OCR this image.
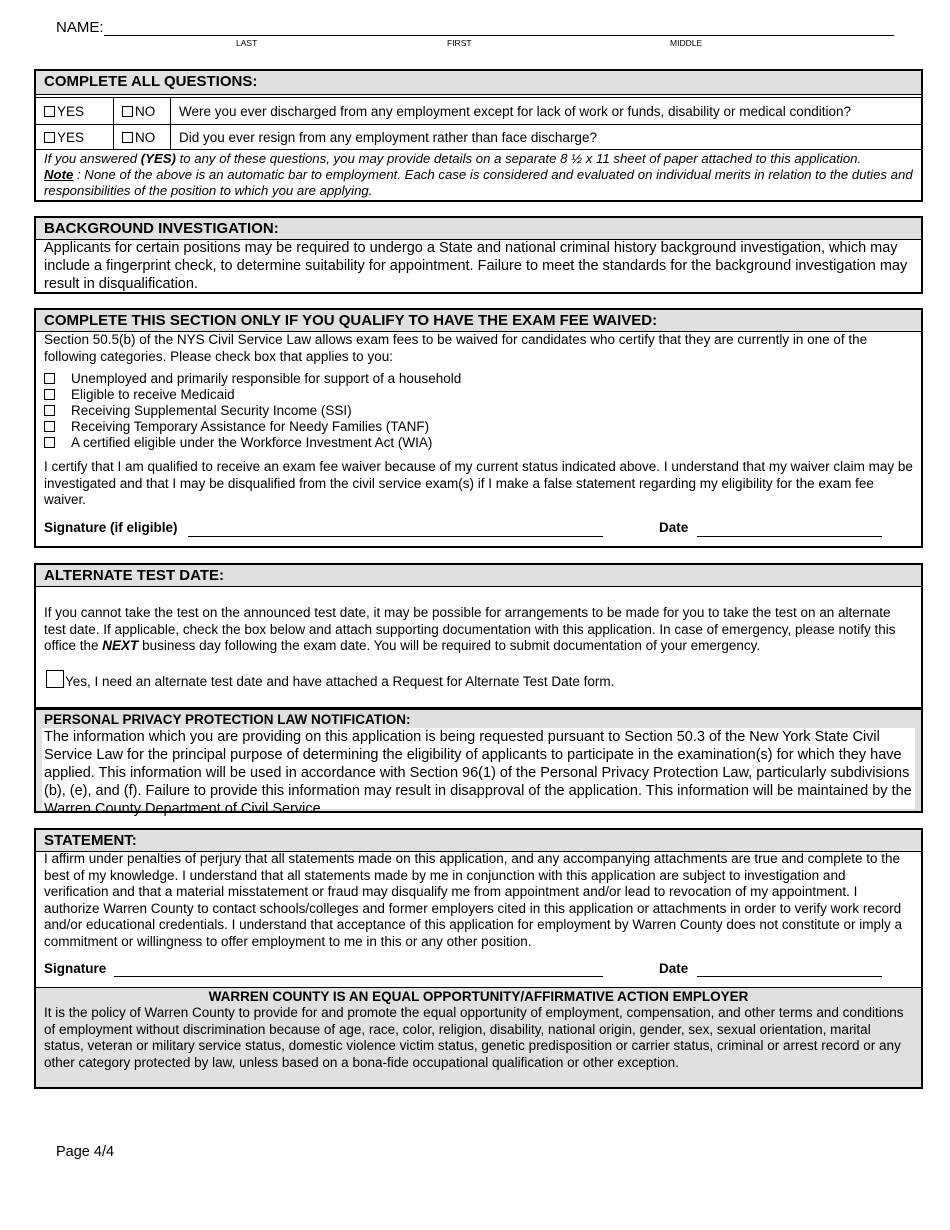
NAME:
LAST	FIRST	MIDDLE
COMPLETE ALL QUESTIONS:
YES	NO	Were you ever discharged from any employment except for lack of work or funds, disability or medical condition?
YES	NO	Did you ever resign from any employment rather than face discharge?
If you answered (YES) to any of these questions, you may provide details on a separate 8 ½ x 11 sheet of paper attached to this application.
Note : None of the above is an automatic bar to employment. Each case is considered and evaluated on individual merits in relation to the duties and responsibilities of the position to which you are applying.
BACKGROUND INVESTIGATION:
Applicants for certain positions may be required to undergo a State and national criminal history background investigation, which may include a fingerprint check, to determine suitability for appointment. Failure to meet the standards for the background investigation may result in disqualification.
COMPLETE THIS SECTION ONLY IF YOU QUALIFY TO HAVE THE EXAM FEE WAIVED:
Section 50.5(b) of the NYS Civil Service Law allows exam fees to be waived for candidates who certify that they are currently in one of the following categories. Please check box that applies to you:
Unemployed and primarily responsible for support of a household
Eligible to receive Medicaid
Receiving Supplemental Security Income (SSI)
Receiving Temporary Assistance for Needy Families (TANF)
A certified eligible under the Workforce Investment Act (WIA)
I certify that I am qualified to receive an exam fee waiver because of my current status indicated above. I understand that my waiver claim may be investigated and that I may be disqualified from the civil service exam(s) if I make a false statement regarding my eligibility for the exam fee waiver.
Signature (if eligible)	Date
ALTERNATE TEST DATE:
If you cannot take the test on the announced test date, it may be possible for arrangements to be made for you to take the test on an alternate test date. If applicable, check the box below and attach supporting documentation with this application. In case of emergency, please notify this office the NEXT business day following the exam date. You will be required to submit documentation of your emergency.
Yes, I need an alternate test date and have attached a Request for Alternate Test Date form.
PERSONAL PRIVACY PROTECTION LAW NOTIFICATION:
The information which you are providing on this application is being requested pursuant to Section 50.3 of the New York State Civil Service Law for the principal purpose of determining the eligibility of applicants to participate in the examination(s) for which they have applied. This information will be used in accordance with Section 96(1) of the Personal Privacy Protection Law, particularly subdivisions (b), (e), and (f). Failure to provide this information may result in disapproval of the application. This information will be maintained by the Warren County Department of Civil Service.
STATEMENT:
I affirm under penalties of perjury that all statements made on this application, and any accompanying attachments are true and complete to the best of my knowledge. I understand that all statements made by me in conjunction with this application are subject to investigation and verification and that a material misstatement or fraud may disqualify me from appointment and/or lead to revocation of my appointment. I authorize Warren County to contact schools/colleges and former employers cited in this application or attachments in order to verify work record and/or educational credentials. I understand that acceptance of this application for employment by Warren County does not constitute or imply a commitment or willingness to offer employment to me in this or any other position.
Signature	Date
WARREN COUNTY IS AN EQUAL OPPORTUNITY/AFFIRMATIVE ACTION EMPLOYER
It is the policy of Warren County to provide for and promote the equal opportunity of employment, compensation, and other terms and conditions of employment without discrimination because of age, race, color, religion, disability, national origin, gender, sex, sexual orientation, marital status, veteran or military service status, domestic violence victim status, genetic predisposition or carrier status, criminal or arrest record or any other category protected by law, unless based on a bona-fide occupational qualification or other exception.
Page 4/4
